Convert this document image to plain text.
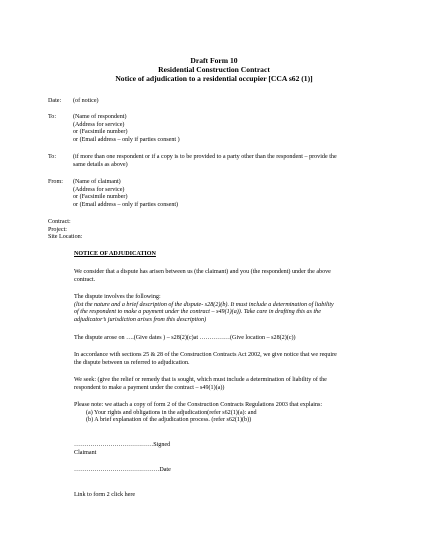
Draft Form 10
Residential Construction Contract
Notice of adjudication to a residential occupier [CCA s62 (1)]
Date: (of notice)
To:	(Name of respondent)
(Address for service)
or (Facsimile number)
or (Email address – only if parties consent )
To:	(if more than one respondent or if a copy is to be provided to a party other than the respondent – provide the
same details as above)
From: (Name of claimant)
(Address for service)
or (Facsimile number)
or (Email address – only if parties consent)
Contract:
Project:
Site Location:
NOTICE OF ADJUDICATION
We consider that a dispute has arisen between us (the claimant) and you (the respondent) under the above
contract.
The dispute involves the following:
(list the nature and a brief description of the dispute- s28(2)(b). It must include a determination of liability
of the respondent to make a payment under the contract – s49(1)(a)). Take care in drafting this as the
adjudicator’s jurisdiction arises from this description)
The dispute arose on ….(Give dates ) – s28(2)(c)at ……………(Give location – s28(2)(c))
In accordance with sections 25 & 28 of the Construction Contracts Act 2002, we give notice that we require
the dispute between us referred to adjudication.
We seek: (give the relief or remedy that is sought, which must include a determination of liability of the
respondent to make a payment under the contract – s49(1)(a))
Please note: we attach a copy of form 2 of the Construction Contracts Regulations 2003 that explains:
(a) Your rights and obligations in the adjudication(refer s62(1)(a): and
(b) A brief explanation of the adjudication process. (refer s62(1)(b))
…………………………………Signed
Claimant
……………………………………Date
Link to form 2 click here
